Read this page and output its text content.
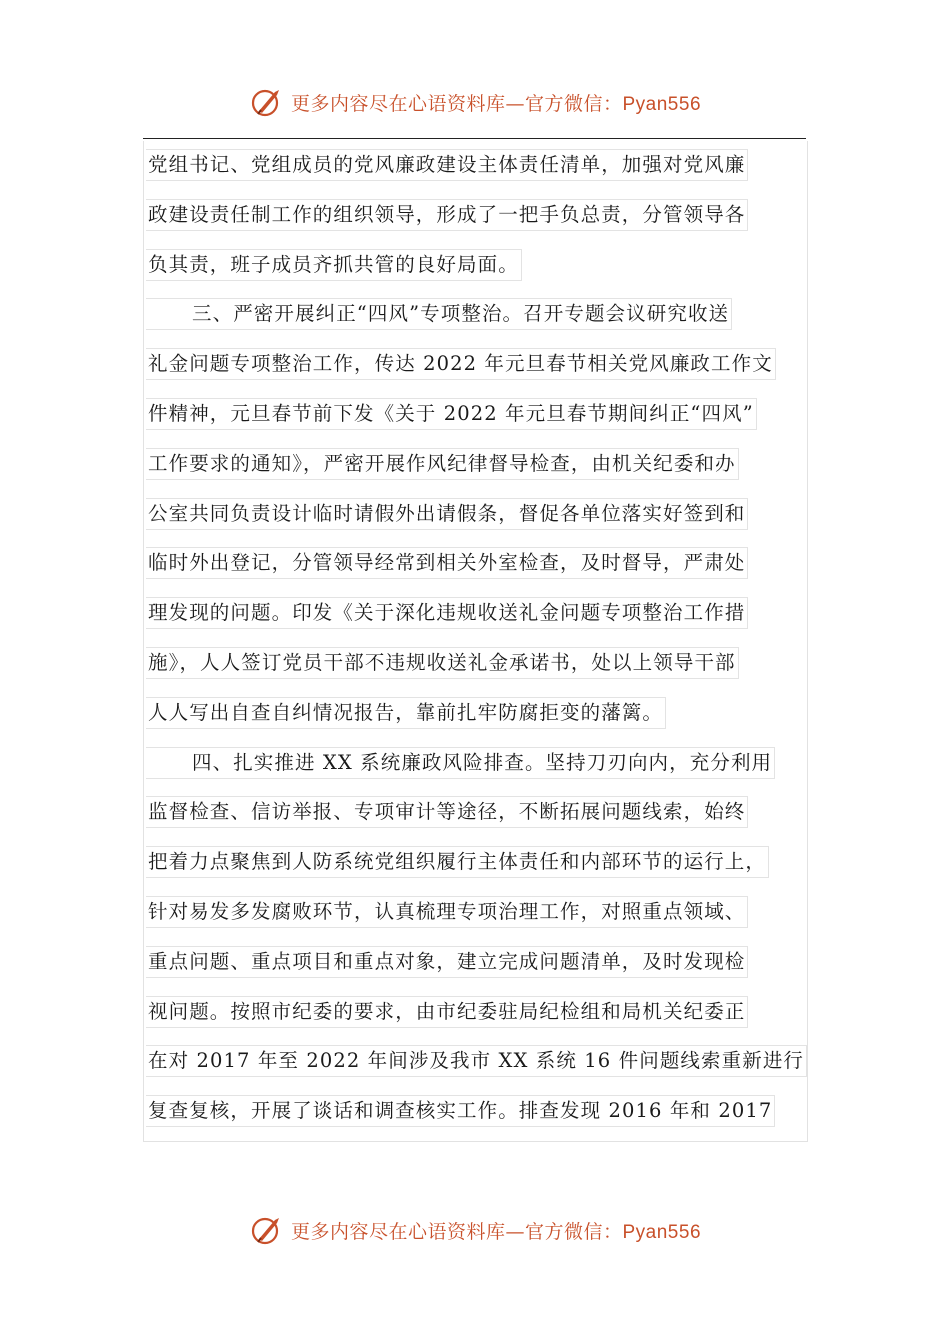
更多内容尽在心语资料库—官方微信：Pyan556
党组书记、党组成员的党风廉政建设主体责任清单，加强对党风廉
政建设责任制工作的组织领导，形成了一把手负总责，分管领导各
负其责，班子成员齐抓共管的良好局面。
三、严密开展纠正“四风”专项整治。召开专题会议研究收送
礼金问题专项整治工作，传达 2022 年元旦春节相关党风廉政工作文
件精神，元旦春节前下发《关于 2022 年元旦春节期间纠正“四风”
工作要求的通知》，严密开展作风纪律督导检查，由机关纪委和办
公室共同负责设计临时请假外出请假条，督促各单位落实好签到和
临时外出登记，分管领导经常到相关外室检查，及时督导，严肃处
理发现的问题。印发《关于深化违规收送礼金问题专项整治工作措
施》，人人签订党员干部不违规收送礼金承诺书，处以上领导干部
人人写出自查自纠情况报告，靠前扎牢防腐拒变的藩篱。
四、扎实推进 XX 系统廉政风险排查。坚持刀刃向内，充分利用
监督检查、信访举报、专项审计等途径，不断拓展问题线索，始终
把着力点聚焦到人防系统党组织履行主体责任和内部环节的运行上，
针对易发多发腐败环节，认真梳理专项治理工作，对照重点领域、
重点问题、重点项目和重点对象，建立完成问题清单，及时发现检
视问题。按照市纪委的要求，由市纪委驻局纪检组和局机关纪委正
在对 2017 年至 2022 年间涉及我市 XX 系统 16 件问题线索重新进行
复查复核，开展了谈话和调查核实工作。排查发现 2016 年和 2017
更多内容尽在心语资料库—官方微信：Pyan556
